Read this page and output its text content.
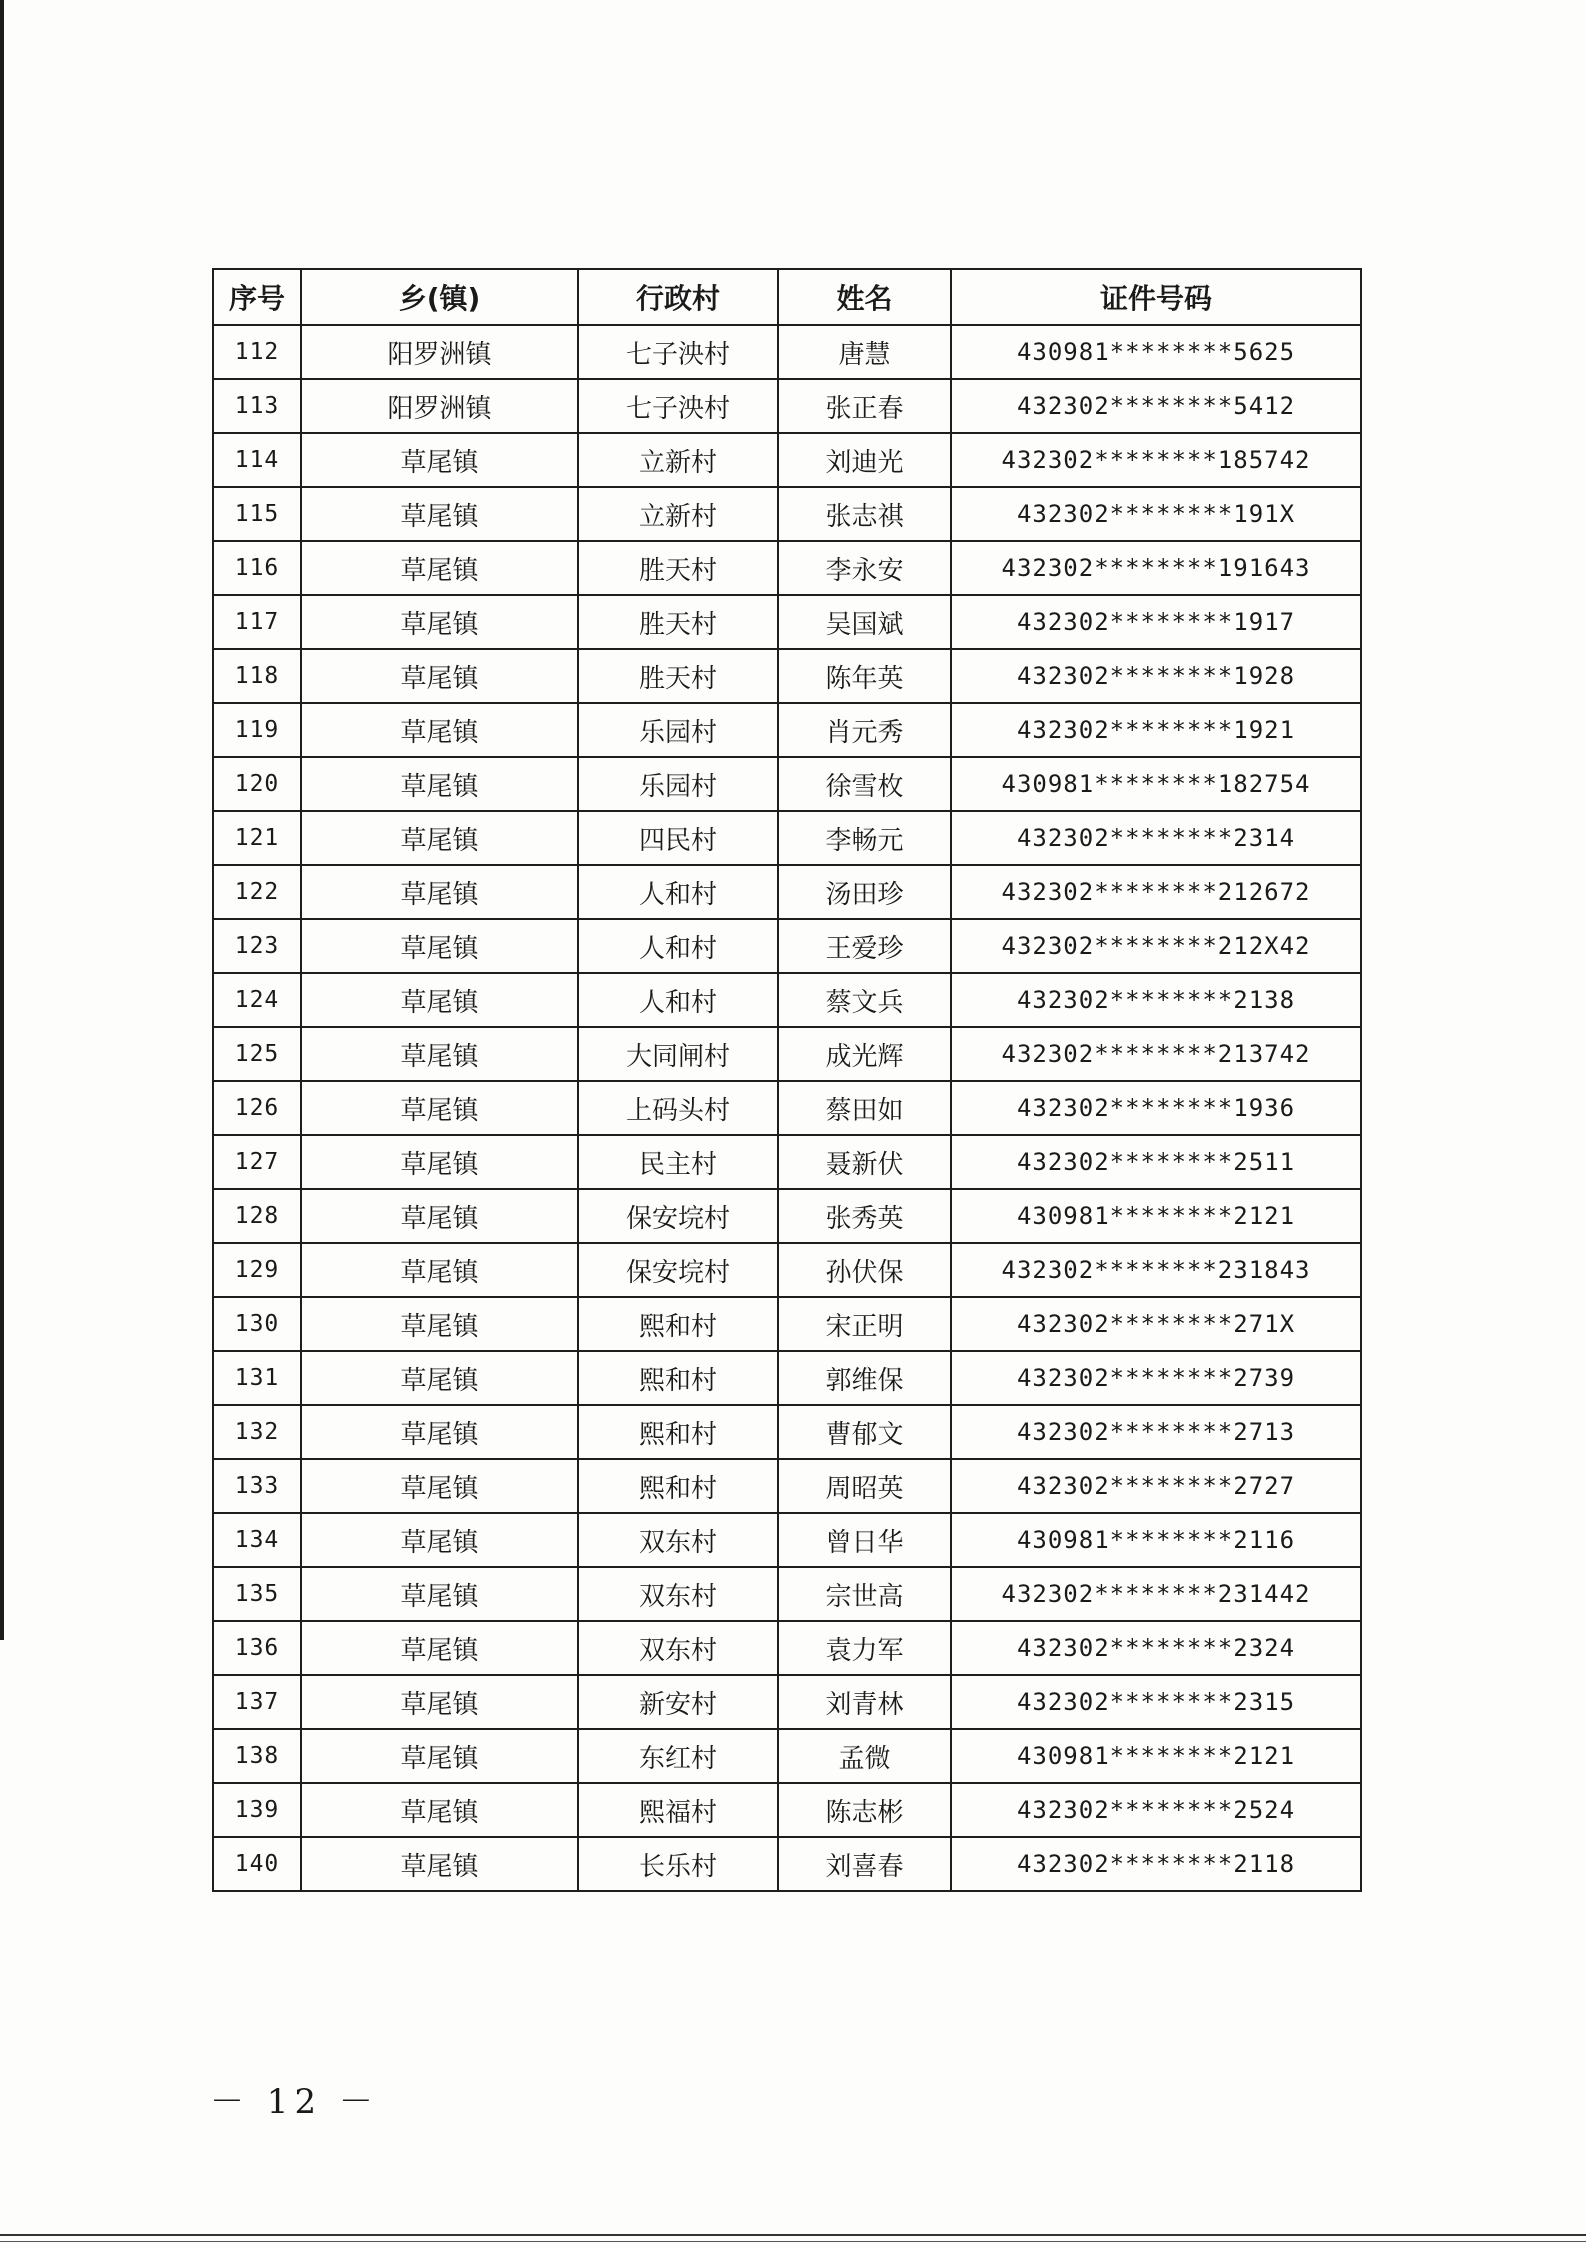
序号	乡(镇)	行政村	姓名	证件号码
112	阳罗洲镇	七子泱村	唐慧	430981********5625
113	阳罗洲镇	七子泱村	张正春	432302********5412
114	草尾镇	立新村	刘迪光	432302********185742
115	草尾镇	立新村	张志祺	432302********191X
116	草尾镇	胜天村	李永安	432302********191643
117	草尾镇	胜天村	吴国斌	432302********1917
118	草尾镇	胜天村	陈年英	432302********1928
119	草尾镇	乐园村	肖元秀	432302********1921
120	草尾镇	乐园村	徐雪枚	430981********182754
121	草尾镇	四民村	李畅元	432302********2314
122	草尾镇	人和村	汤田珍	432302********212672
123	草尾镇	人和村	王爱珍	432302********212X42
124	草尾镇	人和村	蔡文兵	432302********2138
125	草尾镇	大同闸村	成光辉	432302********213742
126	草尾镇	上码头村	蔡田如	432302********1936
127	草尾镇	民主村	聂新伏	432302********2511
128	草尾镇	保安垸村	张秀英	430981********2121
129	草尾镇	保安垸村	孙伏保	432302********231843
130	草尾镇	熙和村	宋正明	432302********271X
131	草尾镇	熙和村	郭维保	432302********2739
132	草尾镇	熙和村	曹郁文	432302********2713
133	草尾镇	熙和村	周昭英	432302********2727
134	草尾镇	双东村	曾日华	430981********2116
135	草尾镇	双东村	宗世高	432302********231442
136	草尾镇	双东村	袁力军	432302********2324
137	草尾镇	新安村	刘青林	432302********2315
138	草尾镇	东红村	孟微	430981********2121
139	草尾镇	熙福村	陈志彬	432302********2524
140	草尾镇	长乐村	刘喜春	432302********2118
－ 12 －
